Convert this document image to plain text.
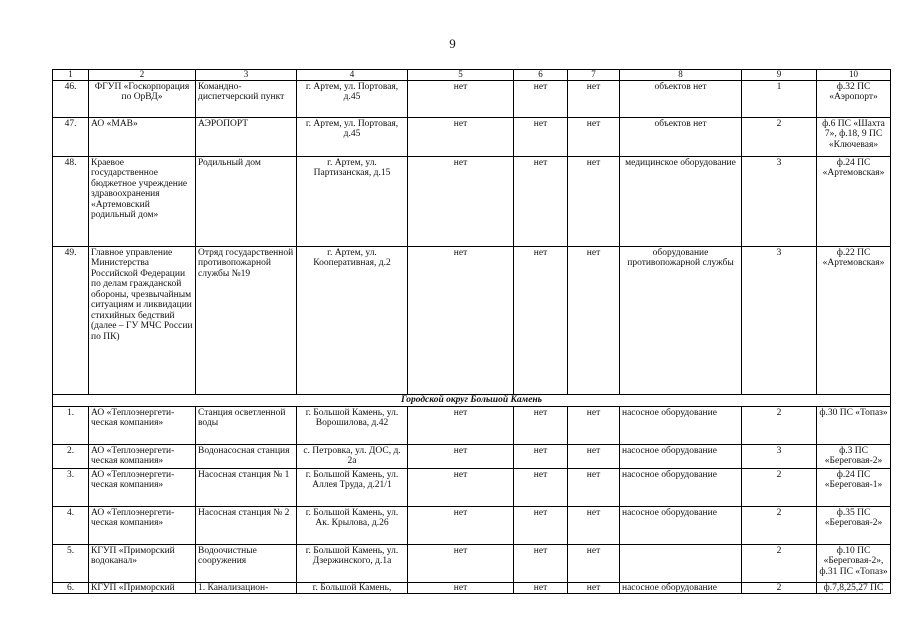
9
1	2	3	4	5	6	7	8	9	10
46.	ФГУП «Госкорпорация по ОрВД»	Командно-диспетчерский пункт	г. Артем, ул. Портовая, д.45	нет	нет	нет	объектов нет	1	ф.32 ПС «Аэропорт»
47.	АО «МАВ»	АЭРОПОРТ	г. Артем, ул. Портовая, д.45	нет	нет	нет	объектов нет	2	ф.6 ПС «Шахта 7», ф.18, 9 ПС «Ключевая»
48.	Краевое государственное бюджетное учреждение здравоохранения «Артемовский родильный дом»	Родильный дом	г. Артем, ул. Партизанская, д.15	нет	нет	нет	медицинское оборудование	3	ф.24 ПС «Артемовская»
49.	Главное управление Министерства Российской Федерации по делам гражданской обороны, чрезвычайным ситуациям и ликвидации стихийных бедствий (далее – ГУ МЧС России по ПК)	Отряд государственной противопожарной службы №19	г. Артем, ул. Кооперативная, д.2	нет	нет	нет	оборудование противопожарной службы	3	ф.22 ПС «Артемовская»
Городской округ Большой Камень									
1.	АО «Теплоэнергети-ческая компания»	Станция осветленной воды	г. Большой Камень, ул. Ворошилова, д.42	нет	нет	нет	насосное оборудование	2	ф.30 ПС «Топаз»
2.	АО «Теплоэнергети-ческая компания»	Водонасосная станция	с. Петровка, ул. ДОС, д. 2а	нет	нет	нет	насосное оборудование	3	ф.3 ПС «Береговая-2»
3.	АО «Теплоэнергети-ческая компания»	Насосная станция № 1	г. Большой Камень, ул. Аллея Труда, д.21/1	нет	нет	нет	насосное оборудование	2	ф.24 ПС «Береговая-1»
4.	АО «Теплоэнергети-ческая компания»	Насосная станция № 2	г. Большой Камень, ул. Ак. Крылова, д.26	нет	нет	нет	насосное оборудование	2	ф.35 ПС «Береговая-2»
5.	КГУП «Приморский водоканал»	Водоочистные сооружения	г. Большой Камень, ул. Дзержинского, д.1а	нет	нет	нет		2	ф.10 ПС «Береговая-2», ф.31 ПС «Топаз»
6.	КГУП «Приморский	1. Канализацион-	г. Большой Камень,	нет	нет	нет	насосное оборудование	2	ф.7,8,25,27 ПС
